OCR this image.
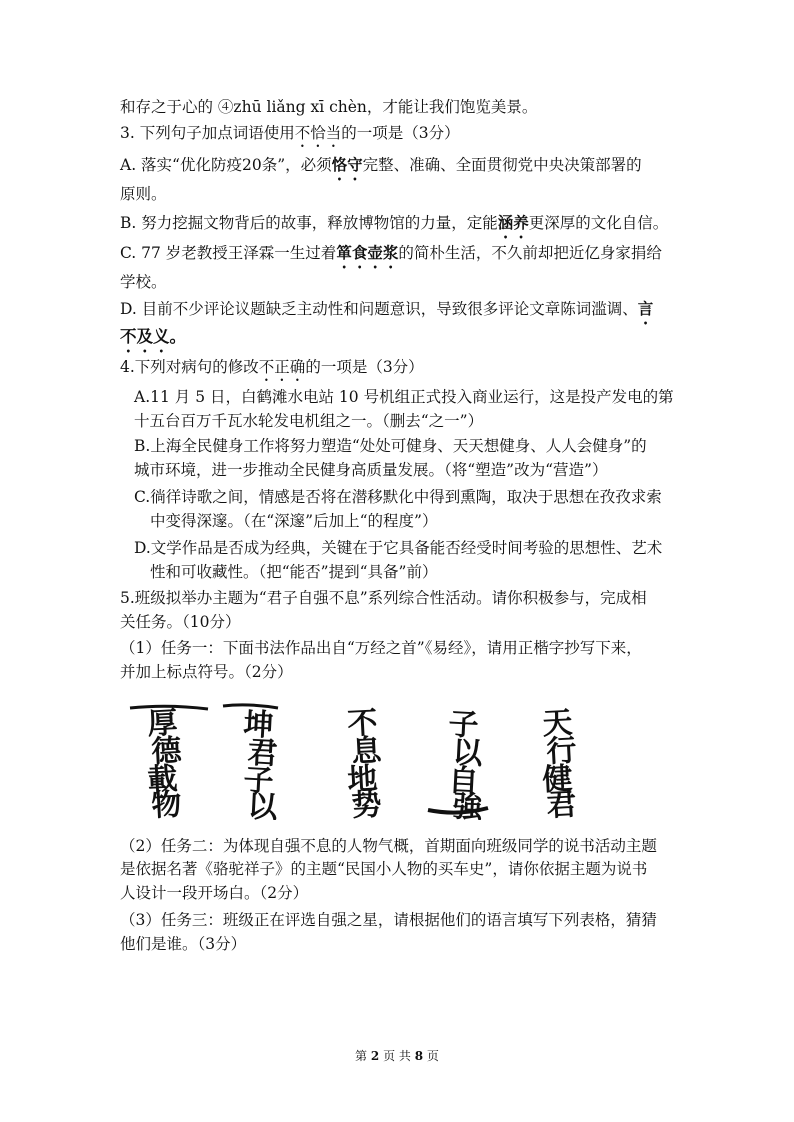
和存之于心的 ④zhū liǎng xī chèn，才能让我们饱览美景。
3. 下列句子加点词语使用不恰当的一项是（3分）
A. 落实“优化防疫20条”，必须恪守完整、准确、全面贯彻党中央决策部署的
原则。
B. 努力挖掘文物背后的故事，释放博物馆的力量，定能涵养更深厚的文化自信。
C. 77 岁老教授王泽霖一生过着箪食壶浆的简朴生活，不久前却把近亿身家捐给
学校。
D. 目前不少评论议题缺乏主动性和问题意识，导致很多评论文章陈词滥调、言
不及义。
4.下列对病句的修改不正确的一项是（3分）
A.11 月 5 日，白鹤滩水电站 10 号机组正式投入商业运行，这是投产发电的第
十五台百万千瓦水轮发电机组之一。（删去“之一”）
B.上海全民健身工作将努力塑造“处处可健身、天天想健身、人人会健身”的
城市环境，进一步推动全民健身高质量发展。（将“塑造”改为“营造”）
C.徜徉诗歌之间，情感是否将在潜移默化中得到熏陶，取决于思想在孜孜求索
中变得深邃。（在“深邃”后加上“的程度”）
D.文学作品是否成为经典，关键在于它具备能否经受时间考验的思想性、艺术
性和可收藏性。（把“能否”提到“具备”前）
5.班级拟举办主题为“君子自强不息”系列综合性活动。请你积极参与，完成相
关任务。（10分）
（1）任务一：下面书法作品出自“万经之首”《易经》，请用正楷字抄写下来，
并加上标点符号。（2分）
厚 坤 不 子 天
德 君 息 以 行
載 子 地 自 健
物 以 势 強 君
（2）任务二：为体现自强不息的人物气概，首期面向班级同学的说书活动主题
是依据名著《骆驼祥子》的主题“民国小人物的买车史”，请你依据主题为说书
人设计一段开场白。（2分）
（3）任务三：班级正在评选自强之星，请根据他们的语言填写下列表格，猜猜
他们是谁。（3分）
第 2 页 共 8 页
